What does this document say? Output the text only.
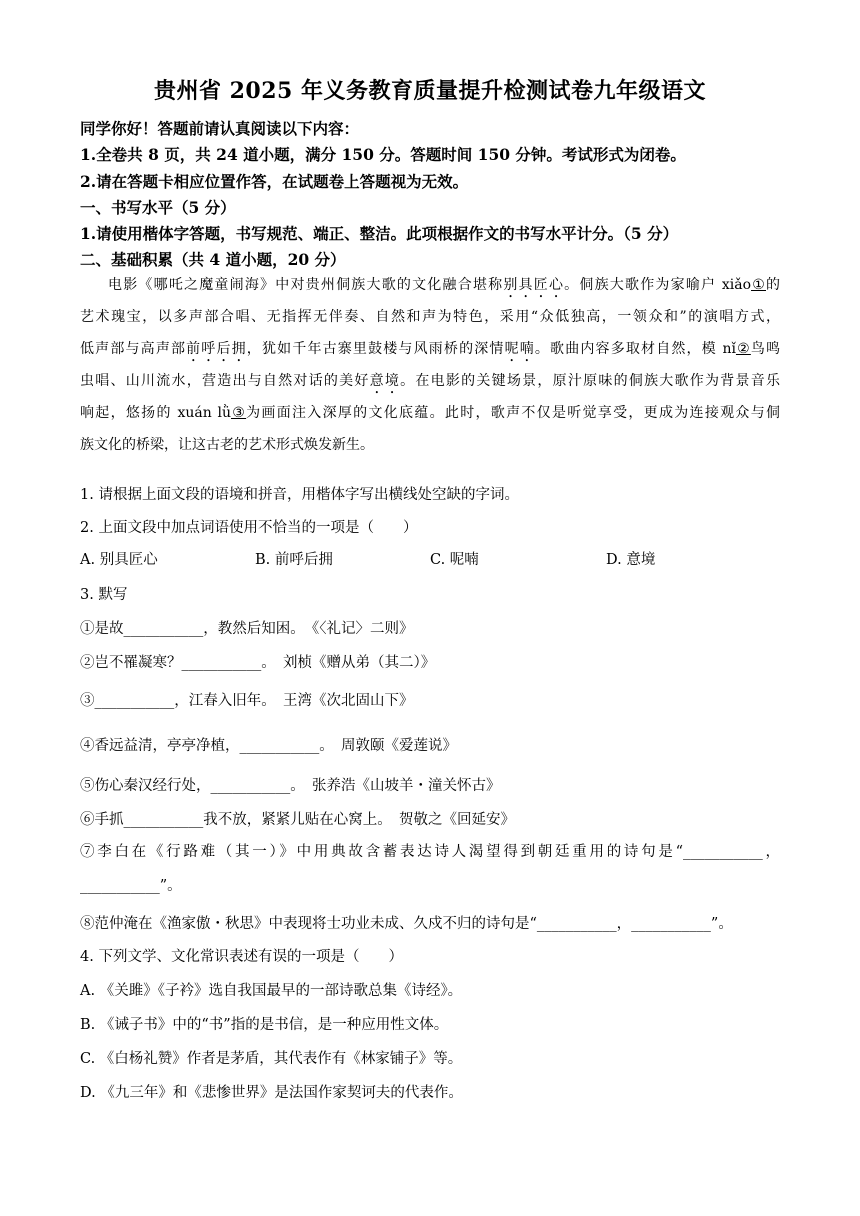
贵州省 2025 年义务教育质量提升检测试卷九年级语文
同学你好！答题前请认真阅读以下内容：
1.全卷共 8 页，共 24 道小题，满分 150 分。答题时间 150 分钟。考试形式为闭卷。
2.请在答题卡相应位置作答，在试题卷上答题视为无效。
一、书写水平（5 分）
1.请使用楷体字答题，书写规范、端正、整洁。此项根据作文的书写水平计分。（5 分）
二、基础积累（共 4 道小题，20 分）

电影《哪吒之魔童闹海》中对贵州侗族大歌的文化融合堪称别具匠心。侗族大歌作为家喻户 xiǎo①的

艺术瑰宝，以多声部合唱、无指挥无伴奏、自然和声为特色，采用“众低独高，一领众和”的演唱方式，

低声部与高声部前呼后拥，犹如千年古寨里鼓楼与风雨桥的深情呢喃。歌曲内容多取材自然，模 nǐ②鸟鸣

虫唱、山川流水，营造出与自然对话的美好意境。在电影的关键场景，原汁原味的侗族大歌作为背景音乐

响起，悠扬的 xuán lǜ③为画面注入深厚的文化底蕴。此时，歌声不仅是听觉享受，更成为连接观众与侗

族文化的桥梁，让这古老的艺术形式焕发新生。

1. 请根据上面文段的语境和拼音，用楷体字写出横线处空缺的字词。
2. 上面文段中加点词语使用不恰当的一项是（　　）
A. 别具匠心	B. 前呼后拥	C. 呢喃	D. 意境
3. 默写
①是故___________，教然后知困。　《〈礼记〉二则》
②岂不罹凝寒？___________。　刘桢《赠从弟（其二）》
③___________，江春入旧年。　王湾《次北固山下》
④香远益清，亭亭净植，___________。　周敦颐《爱莲说》
⑤伤心秦汉经行处，___________。　张养浩《山坡羊・潼关怀古》
⑥手抓___________我不放，紧紧儿贴在心窝上。　贺敬之《回延安》

⑦李白在《行路难（其一）》中用典故含蓄表达诗人渴望得到朝廷重用的诗句是“___________，

___________”。

⑧范仲淹在《渔家傲・秋思》中表现将士功业未成、久戍不归的诗句是“___________，___________”。
4. 下列文学、文化常识表述有误的一项是（　　）
A. 《关雎》《子衿》选自我国最早的一部诗歌总集《诗经》。
B. 《诫子书》中的“书”指的是书信，是一种应用性文体。
C. 《白杨礼赞》作者是茅盾，其代表作有《林家铺子》等。
D. 《九三年》和《悲惨世界》是法国作家契诃夫的代表作。
